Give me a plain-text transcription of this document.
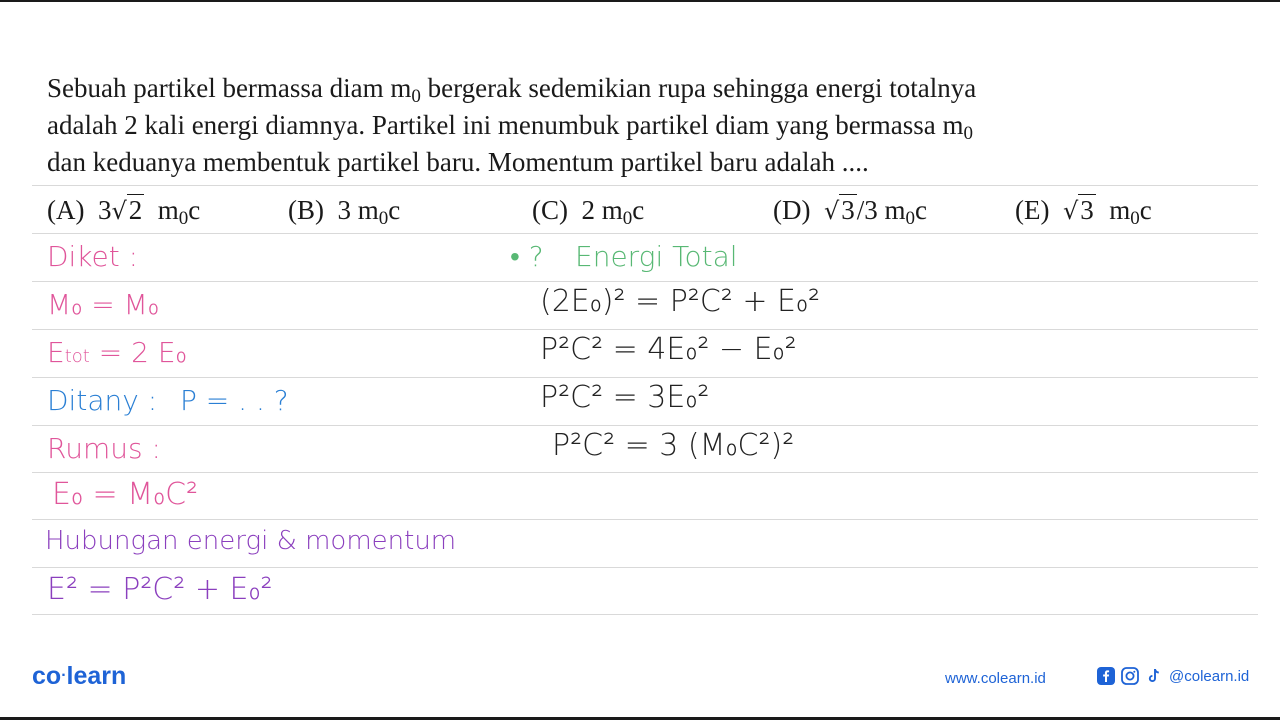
Sebuah partikel bermassa diam $m_0$ bergerak sedemikian rupa sehingga energi totalnya

adalah 2 kali energi diamnya. Partikel ini menumbuk partikel diam yang bermassa $m_0$

dan keduanya membentuk partikel baru. Momentum partikel baru adalah ....

(A) 3√2 $m_0c$	(B) 3 $m_0c$	(C) 2 $m_0c$	(D) √3/3 $m_0c$	(E) √3 $m_0c$
Diket :
M₀ = M₀
Etot = 2 E₀
Ditany : P = . . ?
Rumus :
E₀ = M₀C²
Hubungan energi & momentum
E² = P²C² + E₀²
• ? Energi Total
(2E₀)² = P²C² + E₀²
P²C² = 4E₀² − E₀²
P²C² = 3E₀²
P²C² = 3 (M₀C²)²
co·learn	www.colearn.id	@colearn.id
